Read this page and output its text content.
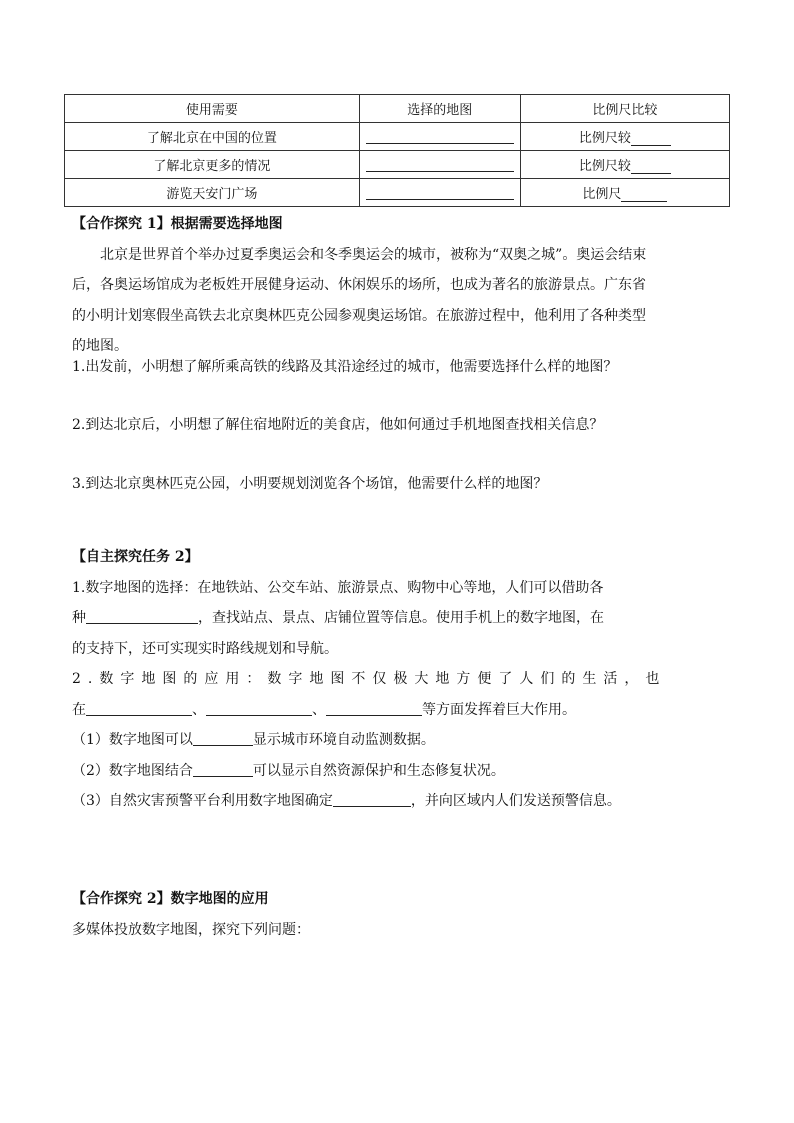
使用需要	选择的地图	比例尺比较
了解北京在中国的位置		比例尺较
了解北京更多的情况		比例尺较
游览天安门广场		比例尺
【合作探究 1】根据需要选择地图
北京是世界首个举办过夏季奥运会和冬季奥运会的城市，被称为“双奥之城”。奥运会结束
后，各奥运场馆成为老板姓开展健身运动、休闲娱乐的场所，也成为著名的旅游景点。广东省
的小明计划寒假坐高铁去北京奥林匹克公园参观奥运场馆。在旅游过程中，他利用了各种类型
的地图。
1.出发前，小明想了解所乘高铁的线路及其沿途经过的城市，他需要选择什么样的地图？
2.到达北京后，小明想了解住宿地附近的美食店，他如何通过手机地图查找相关信息？
3.到达北京奥林匹克公园，小明要规划浏览各个场馆，他需要什么样的地图？
【自主探究任务 2】
1.数字地图的选择：在地铁站、公交车站、旅游景点、购物中心等地，人们可以借助各
种	，查找站点、景点、店铺位置等信息。使用手机上的数字地图，在
的支持下，还可实现实时路线规划和导航。
2.数字地图的应用：数字地图不仅极大地方便了人们的生活，也
在	、	、	等方面发挥着巨大作用。
（1）数字地图可以	显示城市环境自动监测数据。
（2）数字地图结合	可以显示自然资源保护和生态修复状况。
（3）自然灾害预警平台利用数字地图确定	，并向区域内人们发送预警信息。
【合作探究 2】数字地图的应用
多媒体投放数字地图，探究下列问题：
